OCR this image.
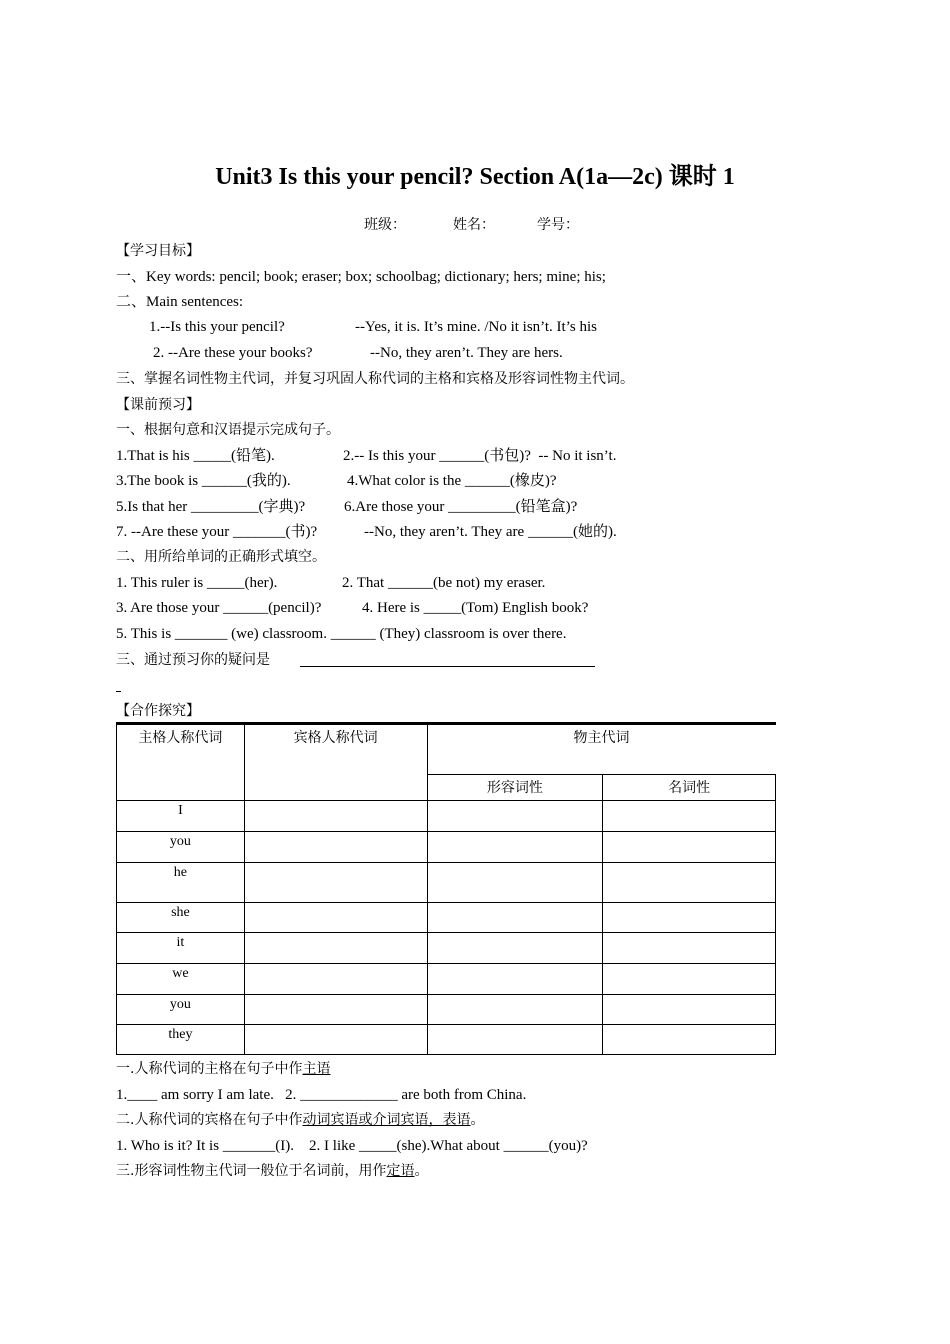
Unit3 Is this your pencil? Section A(1a—2c) 课时 1
班级：	姓名：	学号：
【学习目标】
一、Key words: pencil; book; eraser; box; schoolbag; dictionary; hers; mine; his;
二、Main sentences:
1.--Is this your pencil?	--Yes, it is. It’s mine. /No it isn’t. It’s his
2. --Are these your books?	--No, they aren’t. They are hers.
三、掌握名词性物主代词，并复习巩固人称代词的主格和宾格及形容词性物主代词。
【课前预习】
一、根据句意和汉语提示完成句子。
1.That is his _____(铅笔).	2.-- Is this your ______(书包)?  -- No it isn’t.
3.The book is ______(我的).	4.What color is the ______(橡皮)?
5.Is that her _________(字典)?	6.Are those your _________(铅笔盒)?
7. --Are these your _______(书)?	--No, they aren’t. They are ______(她的).
二、用所给单词的正确形式填空。
1. This ruler is _____(her).	2. That ______(be not) my eraser.
3. Are those your ______(pencil)?	4. Here is _____(Tom) English book?
5. This is _______ (we) classroom. ______ (They) classroom is over there.
三、通过预习你的疑问是
【合作探究】
主格人称代词	宾格人称代词	物主代词	
		形容词性	名词性
I			
you			
he			
she			
it			
we			
you			
they			
一.人称代词的主格在句子中作主语
1.____ am sorry I am late.   2. _____________ are both from China.
二.人称代词的宾格在句子中作动词宾语或介词宾语，表语。
1. Who is it? It is _______(I).    2. I like _____(she).What about ______(you)?
三.形容词性物主代词一般位于名词前，用作定语。
